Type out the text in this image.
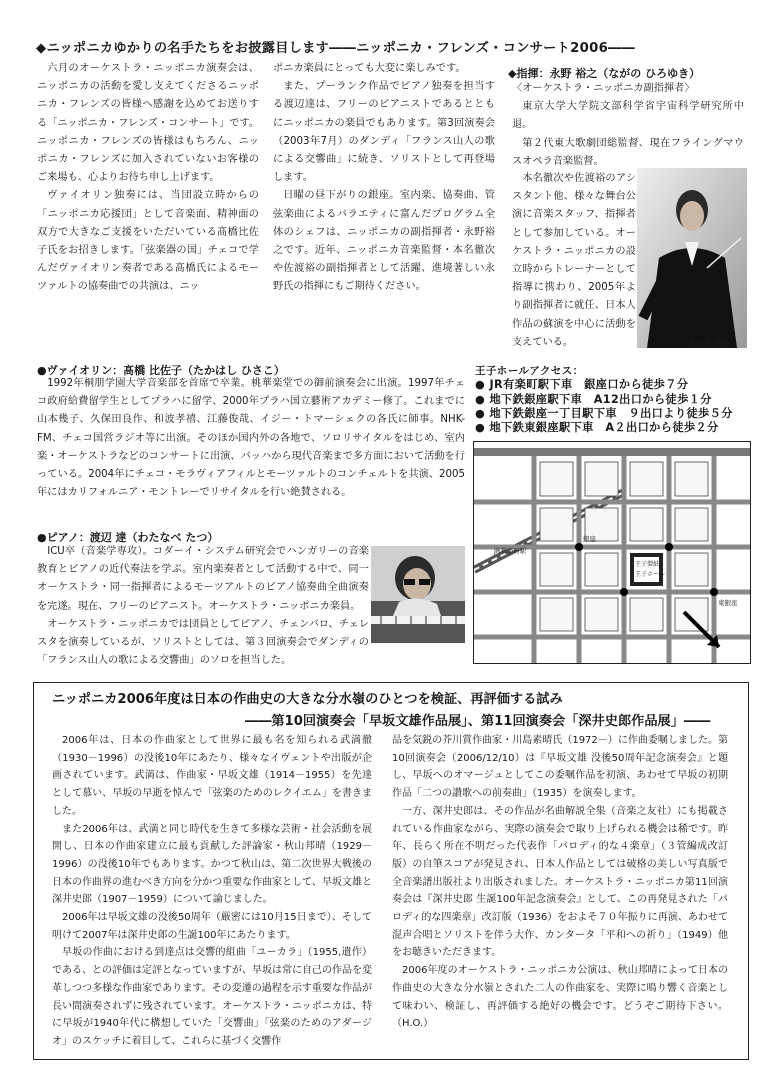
◆ニッポニカゆかりの名手たちをお披露目します――ニッポニカ・フレンズ・コンサート2006――

六月のオーケストラ・ニッポニカ演奏会は、ニッポニカの活動を愛し支えてくださるニッポニカ・フレンズの皆様へ感謝を込めてお送りする「ニッポニカ・フレンズ・コンサート」です。ニッポニカ・フレンズの皆様はもちろん、ニッポニカ・フレンズに加入されていないお客様のご来場も、心よりお待ち申し上げます。

ヴァイオリン独奏には、当団設立時からの「ニッポニカ応援団」として音楽面、精神面の双方で大きなご支援をいただいている髙橋比佐子氏をお招きします。「弦楽器の国」チェコで学んだヴァイオリン奏者である髙橋氏によるモーツァルトの協奏曲での共演は、ニッ

ポニカ楽員にとっても大変に楽しみです。

また、プーランク作品でピアノ独奏を担当する渡辺達は、フリーのピアニストであるとともにニッポニカの楽員でもあります。第3回演奏会（2003年7月）のダンディ「フランス山人の歌による交響曲」に続き、ソリストとして再登場します。

日曜の昼下がりの銀座。室内楽、協奏曲、管弦楽曲によるバラエティに富んだプログラム全体のシェフは、ニッポニカの副指揮者・永野裕之です。近年、ニッポニカ音楽監督・本名徹次や佐渡裕の副指揮者として活躍、進境著しい永野氏の指揮にもご期待ください。

◆指揮：永野 裕之（ながの ひろゆき）

〈オーケストラ・ニッポニカ副指揮者〉

東京大学大学院文部科学省宇宙科学研究所中退。

第２代東大歌劇団総監督、現在フライングマウスオペラ音楽監督。

本名徹次や佐渡裕のアシスタント他、様々な舞台公演に音楽スタッフ、指揮者として参加している。オーケストラ・ニッポニカの設立時からトレーナーとして指導に携わり、2005年より副指揮者に就任、日本人作品の蘇演を中心に活動を支えている。	©小島竜生
●ヴァイオリン：髙橋 比佐子（たかはし ひさこ）

1992年桐朋学園大学音楽部を首席で卒業。桃華楽堂での御前演奏会に出演。1997年チェコ政府給費留学生としてプラハに留学、2000年プラハ国立藝術アカデミー修了。これまでに山本幾子、久保田良作、和波孝禧、江藤俊哉、イジー・トマーシェクの各氏に師事。NHK-FM、チェコ国営ラジオ等に出演。そのほか国内外の各地で、ソロリサイタルをはじめ、室内楽・オーケストラなどのコンサートに出演、バッハから現代音楽まで多方面において活動を行っている。2004年にチェコ・モラヴィアフィルとモーツァルトのコンチェルトを共演、2005年にはカリフォルニア・モントレーでリサイタルを行い絶賛される。

●ピアノ：渡辺 達（わたなべ たつ）

ICU卒（音楽学専攻）。コダーイ・システム研究会でハンガリーの音楽教育とピアノの近代奏法を学ぶ。室内楽奏者として活動する中で、同一オーケストラ・同一指揮者によるモーツアルトのピアノ協奏曲全曲演奏を完遂。現在、フリーのピアニスト。オーケストラ・ニッポニカ楽員。

オーケストラ・ニッポニカでは団員としてピアノ、チェンバロ、チェレスタを演奏しているが、ソリストとしては、第３回演奏会でダンディの「フランス山人の歌による交響曲」のソロを担当した。

王子ホールアクセス：
● JR有楽町駅下車　銀座口から徒歩７分
● 地下鉄銀座駅下車　A12出口から徒歩１分
● 地下鉄銀座一丁目駅下車　９出口より徒歩５分
● 地下鉄東銀座駅下車　A２出口から徒歩２分
JR有楽町駅
王子製紙
王子ホール
銀座
東銀座
ニッポニカ2006年度は日本の作曲史の大きな分水嶺のひとつを検証、再評価する試み
――第10回演奏会「早坂文雄作品展」、第11回演奏会「深井史郎作品展」――

2006年は、日本の作曲家として世界に最も名を知られる武満徹（1930－1996）の没後10年にあたり、様々なイヴェントや出版が企画されています。武満は、作曲家・早坂文雄（1914－1955）を先達として慕い、早坂の早逝を悼んで「弦楽のためのレクイエム」を書きました。

また2006年は、武満と同じ時代を生きて多様な芸術・社会活動を展開し、日本の作曲家建立に最も貢献した評論家・秋山邦晴（1929－1996）の没後10年でもあります。かつて秋山は、第二次世界大戦後の日本の作曲界の進むべき方向を分かつ重要な作曲家として、早坂文雄と深井史郎（1907－1959）について論じました。

2006年は早坂文雄の没後50周年（厳密には10月15日まで）、そして明けて2007年は深井史郎の生誕100年にあたります。

早坂の作曲における到達点は交響的組曲「ユーカラ」（1955,遺作）である、との評価は定評となっていますが、早坂は常に自己の作品を変革しつつ多様な作曲家であります。その変遷の過程を示す重要な作品が長い間演奏されずに残されています。オーケストラ・ニッポニカは、特に早坂が1940年代に構想していた「交響曲」「弦楽のためのアダージオ」のスケッチに着目して、これらに基づく交響作

品を気鋭の芥川賞作曲家・川島素晴氏（1972－）に作曲委嘱しました。第10回演奏会（2006/12/10）は『早坂文雄 没後50周年記念演奏会』と題し、早坂へのオマージュとしてこの委嘱作品を初演、あわせて早坂の初期作品「二つの讃歌への前奏曲」（1935）を演奏します。

一方、深井史郎は、その作品が名曲解説全集（音楽之友社）にも掲載されている作曲家ながら、実際の演奏会で取り上げられる機会は稀です。昨年、長らく所在不明だった代表作「パロディ的な４楽章」（３管編成改訂版）の自筆スコアが発見され、日本人作品としては破格の美しい写真版で全音楽譜出版社より出版されました。オーケストラ・ニッポニカ第11回演奏会は『深井史郎 生誕100年記念演奏会』として、この再発見された「パロディ的な四楽章」改訂版（1936）をおよそ７０年振りに再演、あわせて混声合唱とソリストを伴う大作、カンタータ「平和への祈り」（1949）他をお聴きいただきます。

2006年度のオーケストラ・ニッポニカ公演は、秋山邦晴によって日本の作曲史の大きな分水嶺とされた二人の作曲家を、実際に鳴り響く音楽として味わい、検証し、再評価する絶好の機会です。どうぞご期待下さい。（H.O.）
